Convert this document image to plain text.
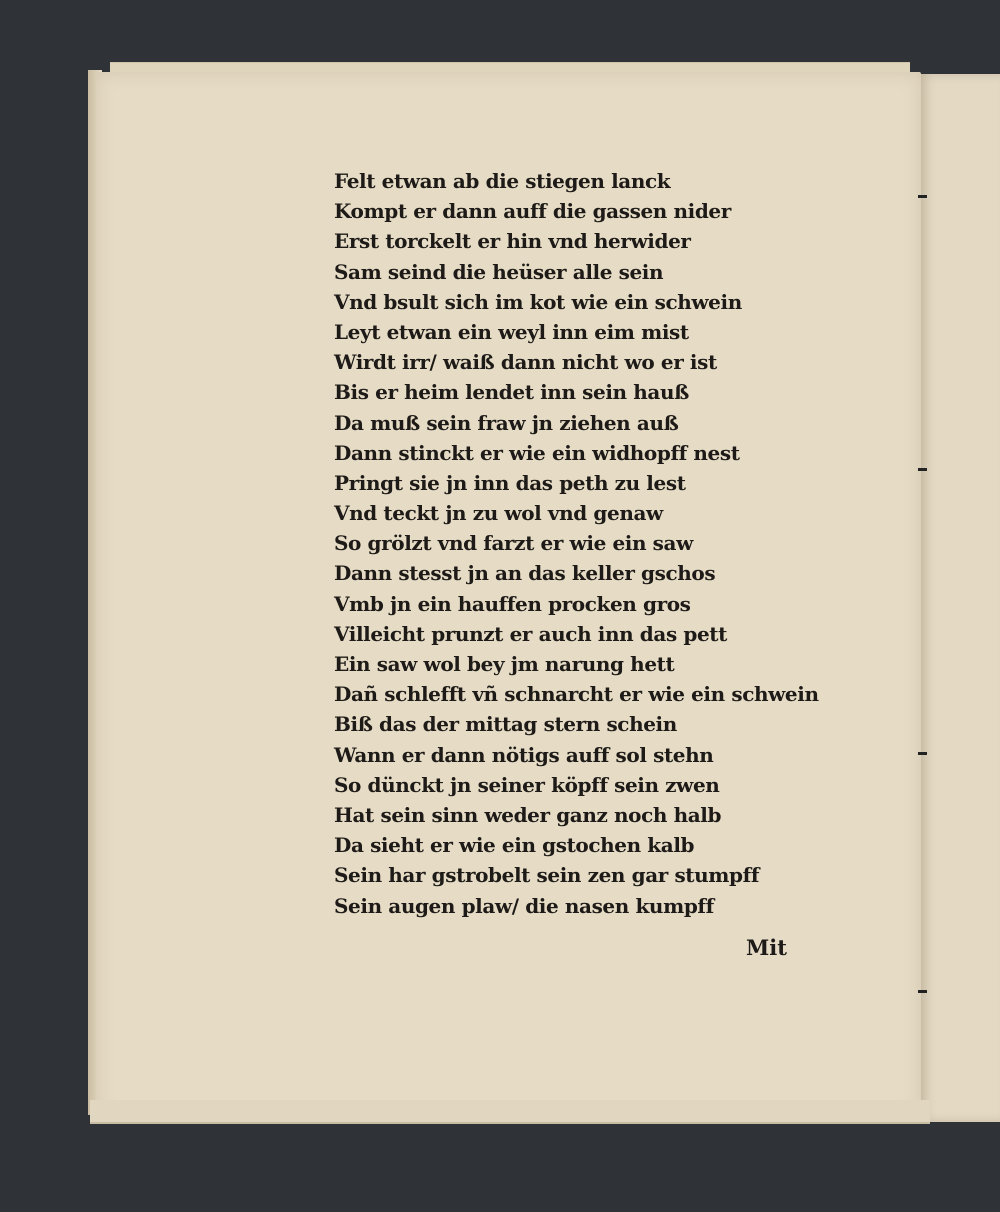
Felt etwan ab die stiegen lanck
Kompt er dann auff die gassen nider
Erst torckelt er hin vnd herwider
Sam seind die heüser alle sein
Vnd bsult sich im kot wie ein schwein
Leyt etwan ein weyl inn eim mist
Wirdt irr/ waiß dann nicht wo er ist
Bis er heim lendet inn sein hauß
Da muß sein fraw jn ziehen auß
Dann stinckt er wie ein widhopff nest
Pringt sie jn inn das peth zu lest
Vnd teckt jn zu wol vnd genaw
So grölzt vnd farzt er wie ein saw
Dann stesst jn an das keller gschos
Vmb jn ein hauffen procken gros
Villeicht prunzt er auch inn das pett
Ein saw wol bey jm narung hett
Dañ schlefft vñ schnarcht er wie ein schwein
Biß das der mittag stern schein
Wann er dann nötigs auff sol stehn
So dünckt jn seiner köpff sein zwen
Hat sein sinn weder ganz noch halb
Da sieht er wie ein gstochen kalb
Sein har gstrobelt sein zen gar stumpff
Sein augen plaw/ die nasen kumpff
Mit
